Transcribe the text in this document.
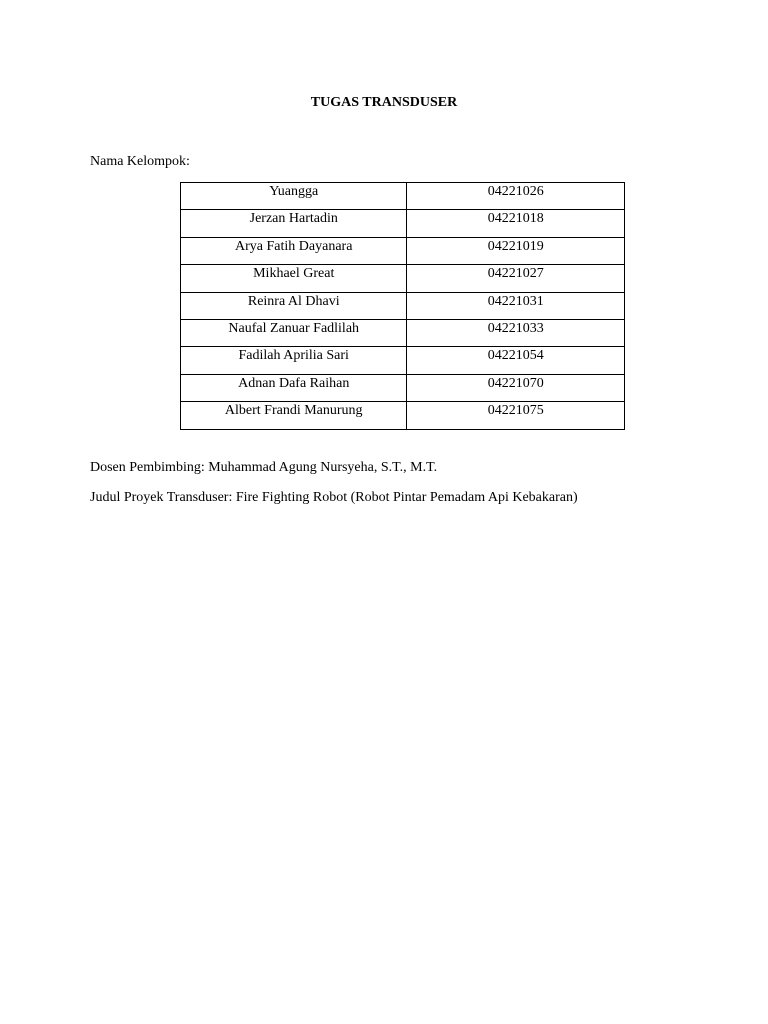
TUGAS TRANSDUSER
Nama Kelompok:
Yuangga	04221026
Jerzan Hartadin	04221018
Arya Fatih Dayanara	04221019
Mikhael Great	04221027
Reinra Al Dhavi	04221031
Naufal Zanuar Fadlilah	04221033
Fadilah Aprilia Sari	04221054
Adnan Dafa Raihan	04221070
Albert Frandi Manurung	04221075
Dosen Pembimbing: Muhammad Agung Nursyeha, S.T., M.T.
Judul Proyek Transduser: Fire Fighting Robot (Robot Pintar Pemadam Api Kebakaran)
